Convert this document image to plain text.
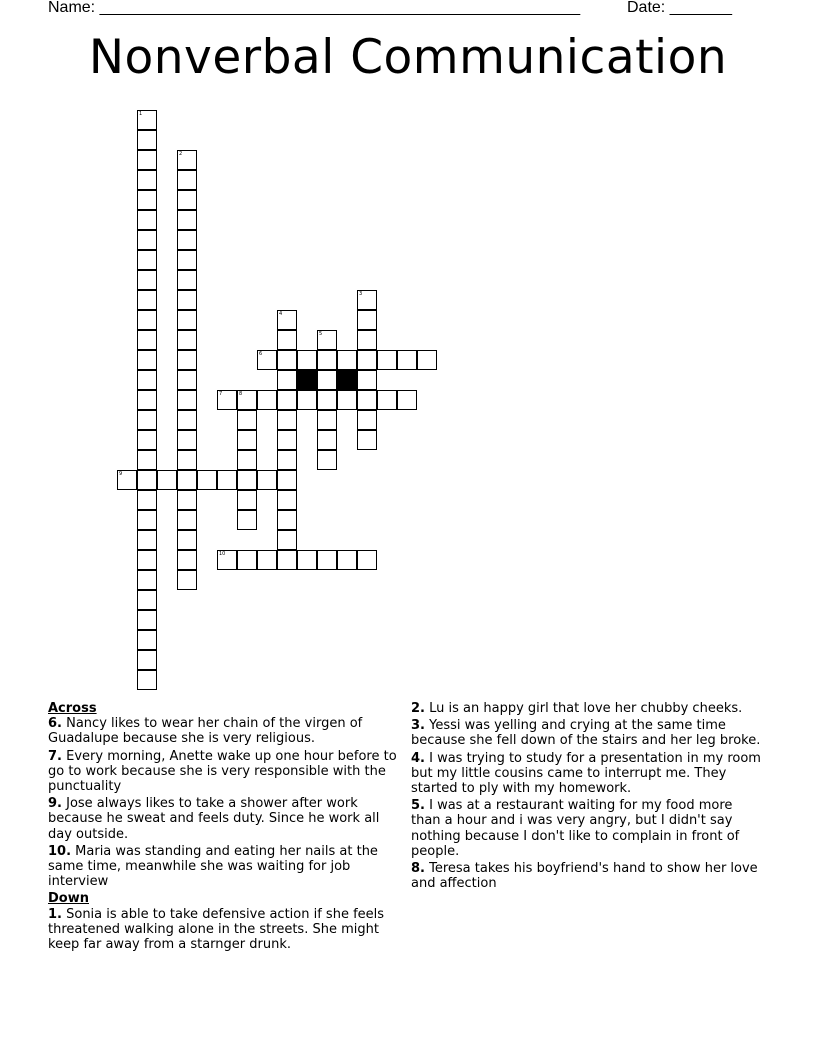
Name: ______________________________________________________	Date: _______
Nonverbal Communication
1
2
3
4
5
6
7	8
9
10
Across
6. Nancy likes to wear her chain of the virgen of Guadalupe because she is very religious.
7. Every morning, Anette wake up one hour before to go to work because she is very responsible with the punctuality
9. Jose always likes to take a shower after work because he sweat and feels duty. Since he work all day outside.
10. Maria was standing and eating her nails at the same time, meanwhile she was waiting for job interview
Down
1. Sonia is able to take defensive action if she feels threatened walking alone in the streets. She might keep far away from a starnger drunk.
2. Lu is an happy girl that love her chubby cheeks.
3. Yessi was yelling and crying at the same time because she fell down of the stairs and her leg broke.
4. I was trying to study for a presentation in my room but my little cousins came to interrupt me. They started to ply with my homework.
5. I was at a restaurant waiting for my food more than a hour and i was very angry, but I didn't say nothing because I don't like to complain in front of people.
8. Teresa takes his boyfriend's hand to show her love and affection
